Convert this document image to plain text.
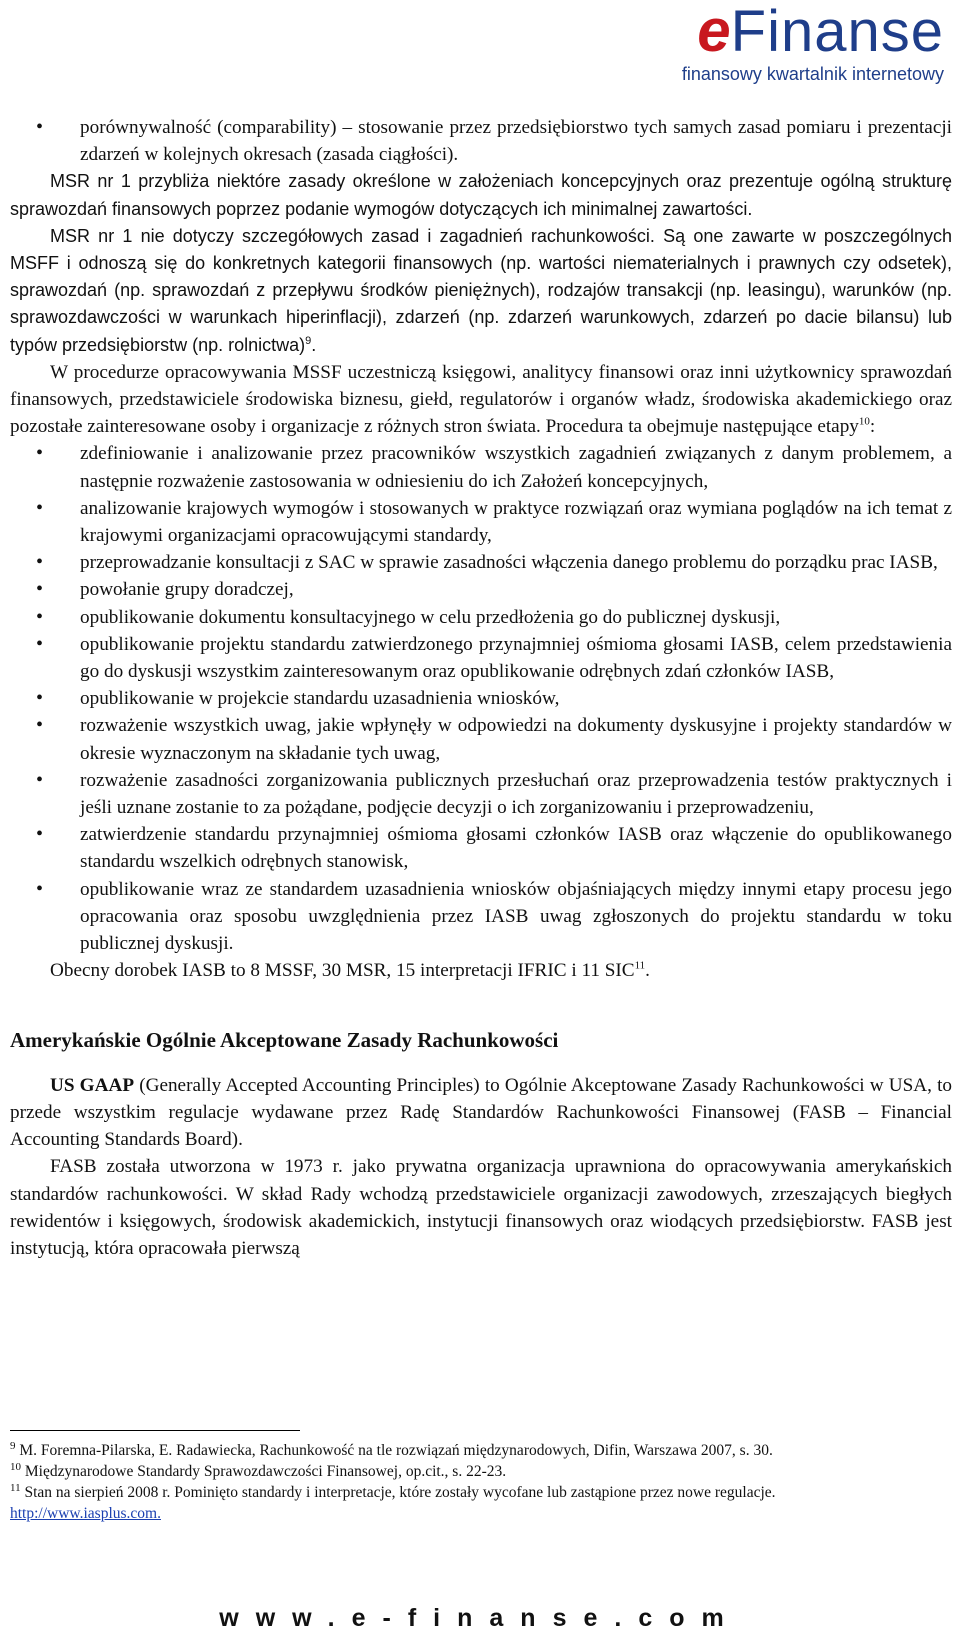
eFinanse
finansowy kwartalnik internetowy
• porównywalność (comparability) – stosowanie przez przedsiębiorstwo tych samych zasad pomiaru i prezentacji zdarzeń w kolejnych okresach (zasada ciągłości).

MSR nr 1 przybliża niektóre zasady określone w założeniach koncepcyjnych oraz prezentuje ogólną strukturę sprawozdań finansowych poprzez podanie wymogów dotyczących ich minimalnej zawartości.

MSR nr 1 nie dotyczy szczegółowych zasad i zagadnień rachunkowości. Są one zawarte w poszczególnych MSFF i odnoszą się do konkretnych kategorii finansowych (np. wartości niematerialnych i prawnych czy odsetek), sprawozdań (np. sprawozdań z przepływu środków pieniężnych), rodzajów transakcji (np. leasingu), warunków (np. sprawozdawczości w warunkach hiperinflacji), zdarzeń (np. zdarzeń warunkowych, zdarzeń po dacie bilansu) lub typów przedsiębiorstw (np. rolnictwa)$^9$.

W procedurze opracowywania MSSF uczestniczą księgowi, analitycy finansowi oraz inni użytkownicy sprawozdań finansowych, przedstawiciele środowiska biznesu, giełd, regulatorów i organów władz, środowiska akademickiego oraz pozostałe zainteresowane osoby i organizacje z różnych stron świata. Procedura ta obejmuje następujące etapy$^{10}$:

• zdefiniowanie i analizowanie przez pracowników wszystkich zagadnień związanych z danym problemem, a następnie rozważenie zastosowania w odniesieniu do ich Założeń koncepcyjnych,
• analizowanie krajowych wymogów i stosowanych w praktyce rozwiązań oraz wymiana poglądów na ich temat z krajowymi organizacjami opracowującymi standardy,
• przeprowadzanie konsultacji z SAC w sprawie zasadności włączenia danego problemu do porządku prac IASB,
• powołanie grupy doradczej,
• opublikowanie dokumentu konsultacyjnego w celu przedłożenia go do publicznej dyskusji,
• opublikowanie projektu standardu zatwierdzonego przynajmniej ośmioma głosami IASB, celem przedstawienia go do dyskusji wszystkim zainteresowanym oraz opublikowanie odrębnych zdań członków IASB,
• opublikowanie w projekcie standardu uzasadnienia wniosków,
• rozważenie wszystkich uwag, jakie wpłynęły w odpowiedzi na dokumenty dyskusyjne i projekty standardów w okresie wyznaczonym na składanie tych uwag,
• rozważenie zasadności zorganizowania publicznych przesłuchań oraz przeprowadzenia testów praktycznych i jeśli uznane zostanie to za pożądane, podjęcie decyzji o ich zorganizowaniu i przeprowadzeniu,
• zatwierdzenie standardu przynajmniej ośmioma głosami członków IASB oraz włączenie do opublikowanego standardu wszelkich odrębnych stanowisk,
• opublikowanie wraz ze standardem uzasadnienia wniosków objaśniających między innymi etapy procesu jego opracowania oraz sposobu uwzględnienia przez IASB uwag zgłoszonych do projektu standardu w toku publicznej dyskusji.

Obecny dorobek IASB to 8 MSSF, 30 MSR, 15 interpretacji IFRIC i 11 SIC$^{11}$.

Amerykańskie Ogólnie Akceptowane Zasady Rachunkowości

US GAAP (Generally Accepted Accounting Principles) to Ogólnie Akceptowane Zasady Rachunkowości w USA, to przede wszystkim regulacje wydawane przez Radę Standardów Rachunkowości Finansowej (FASB – Financial Accounting Standards Board).

FASB została utworzona w 1973 r. jako prywatna organizacja uprawniona do opracowywania amerykańskich standardów rachunkowości. W skład Rady wchodzą przedstawiciele organizacji zawodowych, zrzeszających biegłych rewidentów i księgowych, środowisk akademickich, instytucji finansowych oraz wiodących przedsiębiorstw. FASB jest instytucją, która opracowała pierwszą

$^9$ M. Foremna-Pilarska, E. Radawiecka, Rachunkowość na tle rozwiązań międzynarodowych, Difin, Warszawa 2007, s. 30.
$^{10}$ Międzynarodowe Standardy Sprawozdawczości Finansowej, op.cit., s. 22-23.
$^{11}$ Stan na sierpień 2008 r. Pominięto standardy i interpretacje, które zostały wycofane lub zastąpione przez nowe regulacje.
http://www.iasplus.com.
www.e-finanse.com
